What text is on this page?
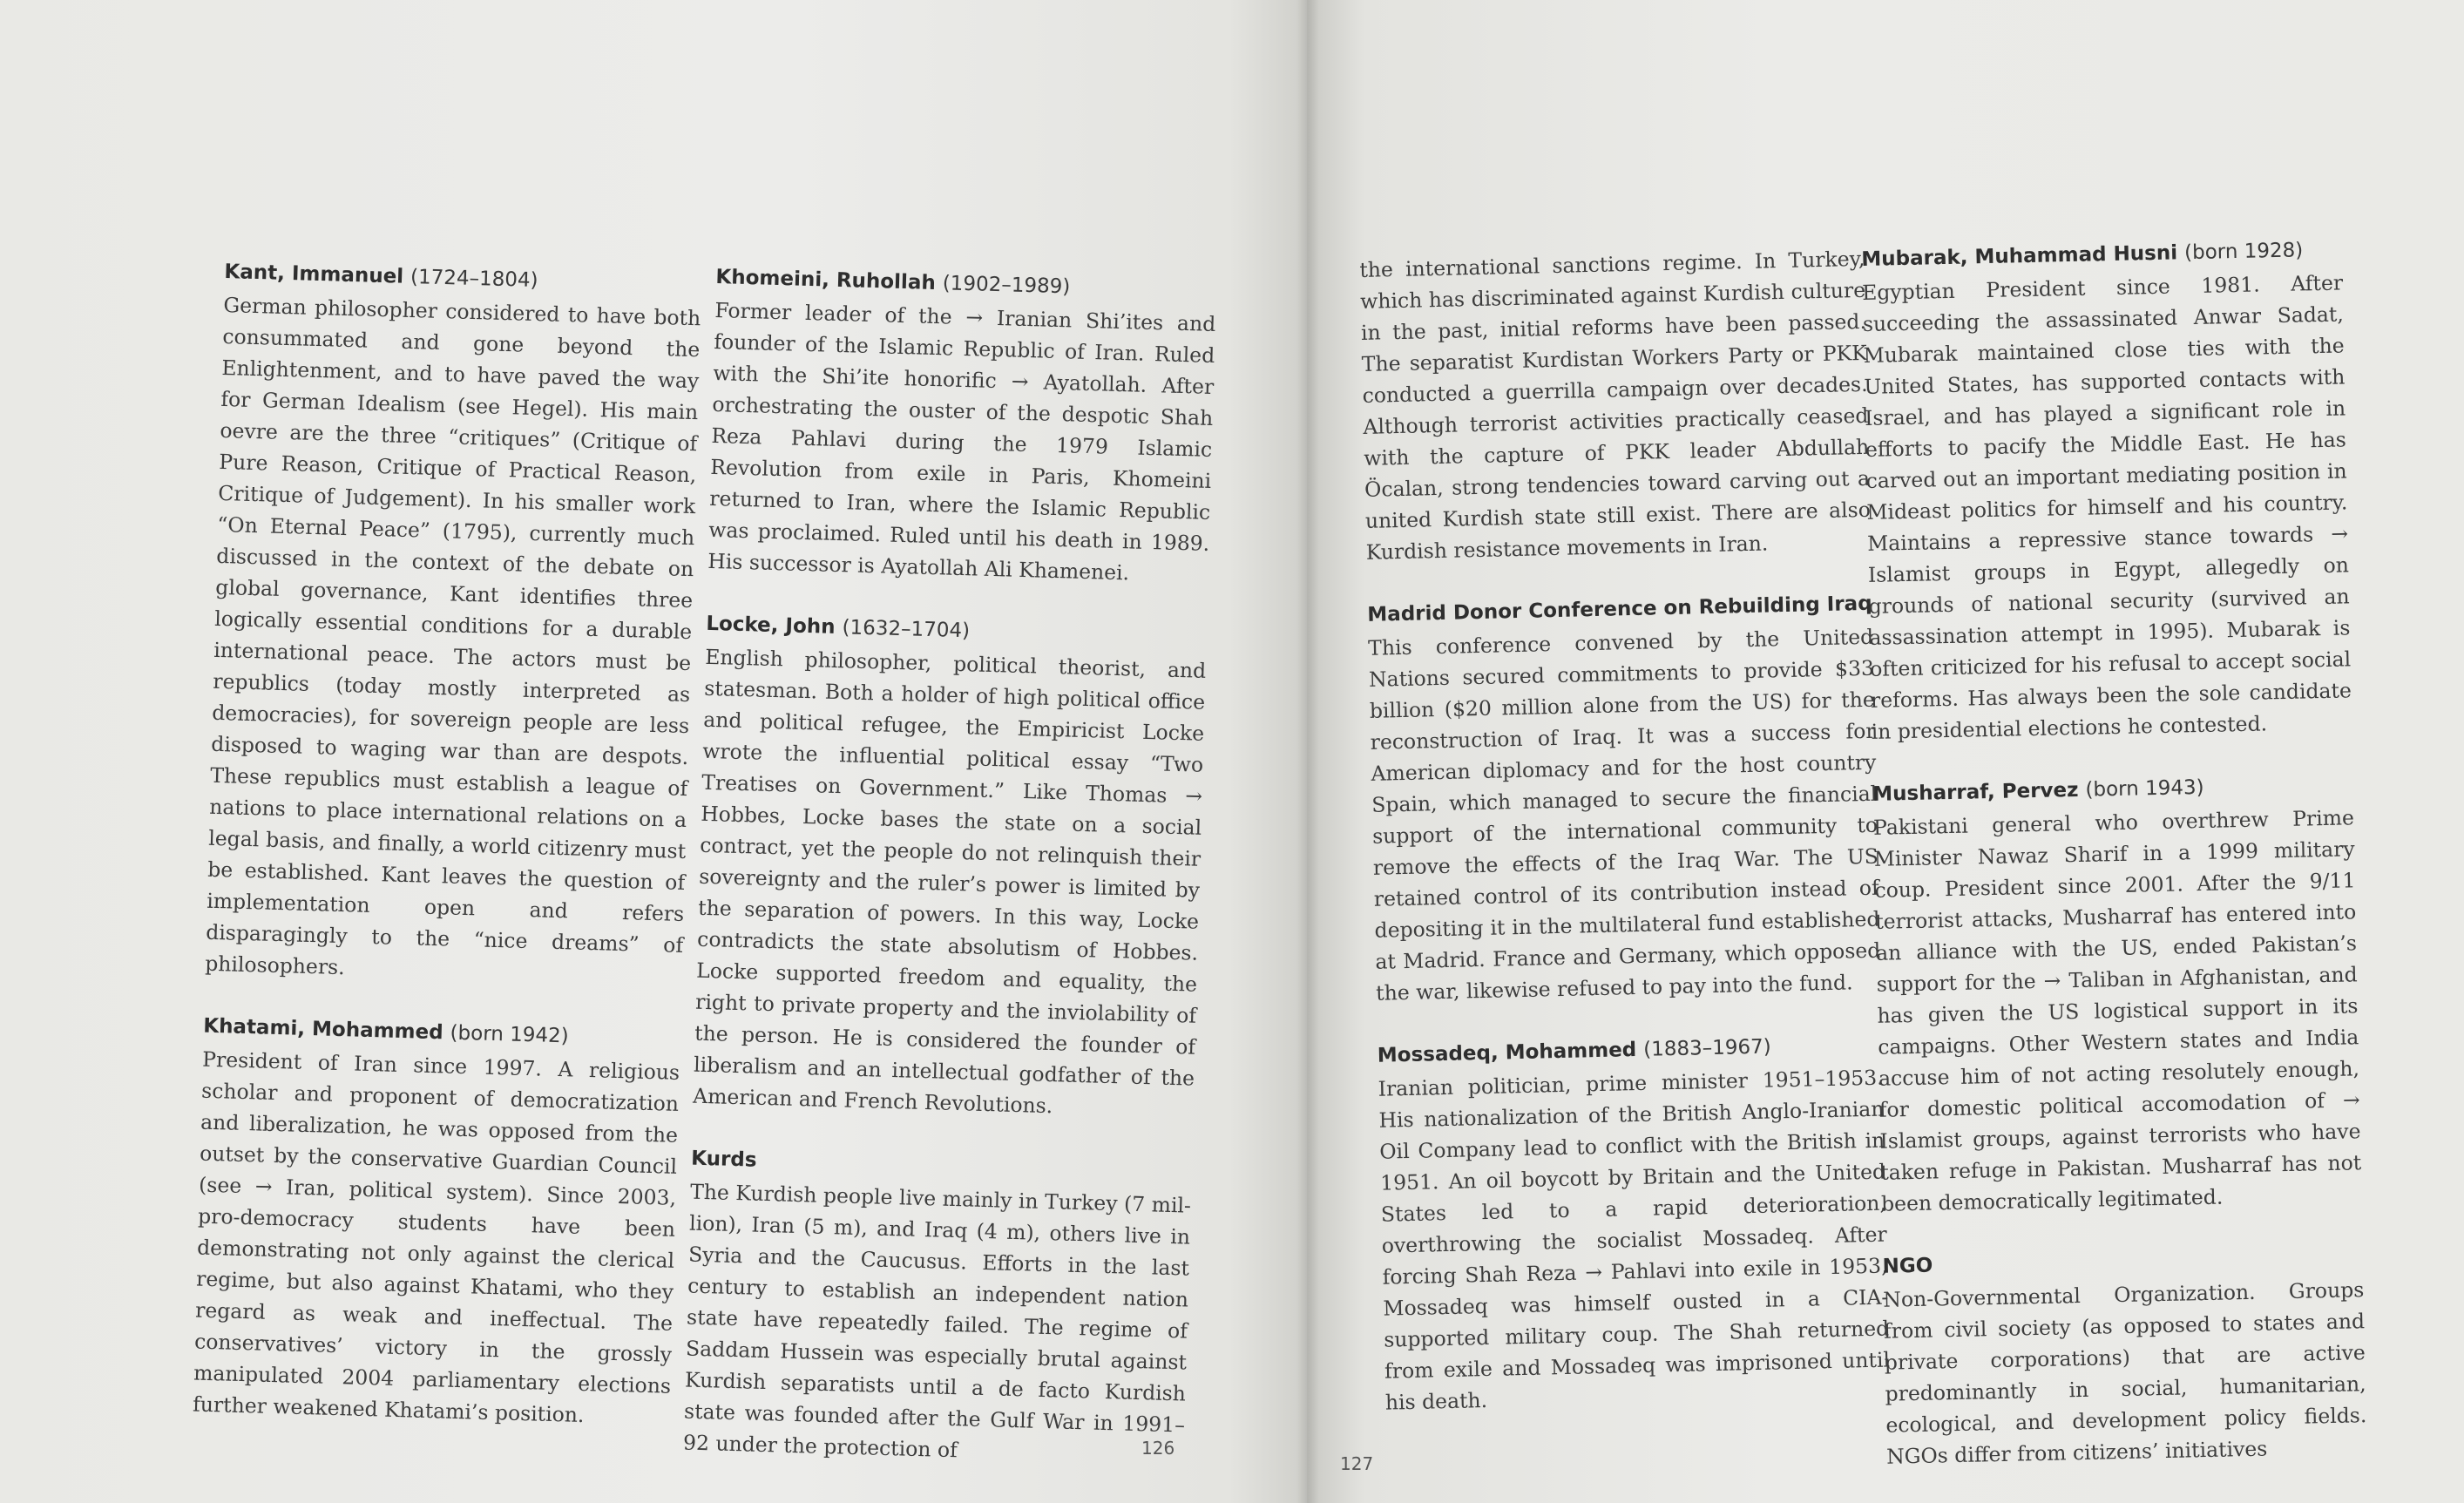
Kant, Immanuel (1724–1804)

German philosopher considered to have both consummated and gone beyond the Enlightenment, and to have paved the way for German Idealism (see Hegel). His main oevre are the three “critiques” (Critique of Pure Reason, Critique of Practical Reason, Critique of Judgement). In his smaller work “On Eternal Peace” (1795), currently much discussed in the context of the debate on global governance, Kant identifies three logically essential conditions for a durable international peace. The actors must be republics (today mostly interpreted as democracies), for sovereign people are less disposed to waging war than are despots. These republics must establish a league of nations to place international relations on a legal basis, and finally, a world citizenry must be established. Kant leaves the question of implementation open and refers disparagingly to the “nice dreams” of philosophers.

Khatami, Mohammed (born 1942)

President of Iran since 1997. A religious scholar and proponent of democratization and liberalization, he was opposed from the outset by the conservative Guardian Council (see → Iran, political system). Since 2003, pro-democracy students have been demonstrating not only against the clerical regime, but also against Khatami, who they regard as weak and ineffectual. The conservatives’ victory in the grossly manipulated 2004 parliamentary elections further weakened Khatami’s position.

Khomeini, Ruhollah (1902–1989)

Former leader of the → Iranian Shi’ites and founder of the Islamic Republic of Iran. Ruled with the Shi’ite honorific → Ayatollah. After orchestrating the ouster of the despotic Shah Reza Pahlavi during the 1979 Islamic Revolution from exile in Paris, Khomeini returned to Iran, where the Islamic Republic was proclaimed. Ruled until his death in 1989. His successor is Ayatollah Ali Khamenei.

Locke, John (1632–1704)

English philosopher, political theorist, and statesman. Both a holder of high political office and political refugee, the Empiricist Locke wrote the influential political essay “Two Treatises on Government.” Like Thomas → Hobbes, Locke bases the state on a social contract, yet the people do not relinquish their sovereignty and the ruler’s power is limited by the separation of powers. In this way, Locke contradicts the state absolutism of Hobbes. Locke supported freedom and equality, the right to private property and the inviolability of the person. He is considered the founder of liberalism and an intellectual godfather of the American and French Revolutions.

Kurds

The Kurdish people live mainly in Turkey (7 million), Iran (5 m), and Iraq (4 m), others live in Syria and the Caucusus. Efforts in the last century to establish an independent nation state have repeatedly failed. The regime of Saddam Hussein was especially brutal against Kurdish separatists until a de facto Kurdish state was founded after the Gulf War in 1991–92 under the protection of	126

the international sanctions regime. In Turkey, which has discriminated against Kurdish culture in the past, initial reforms have been passed. The separatist Kurdistan Workers Party or PKK conducted a guerrilla campaign over decades. Although terrorist activities practically ceased with the capture of PKK leader Abdullah Öcalan, strong tendencies toward carving out a united Kurdish state still exist. There are also Kurdish resistance movements in Iran.

Madrid Donor Conference on Rebuilding Iraq

This conference convened by the United Nations secured commitments to provide $33 billion ($20 million alone from the US) for the reconstruction of Iraq. It was a success for American diplomacy and for the host country Spain, which managed to secure the financial support of the international community to remove the effects of the Iraq War. The US retained control of its contribution instead of depositing it in the multilateral fund established at Madrid. France and Germany, which opposed the war, likewise refused to pay into the fund.

Mossadeq, Mohammed (1883–1967)

Iranian politician, prime minister 1951–1953. His nationalization of the British Anglo-Iranian Oil Company lead to conflict with the British in 1951. An oil boycott by Britain and the United States led to a rapid deterioration, overthrowing the socialist Mossadeq. After forcing Shah Reza → Pahlavi into exile in 1953, Mossadeq was himself ousted in a CIA-supported military coup. The Shah returned from exile and Mossadeq was imprisoned until his death.

Mubarak, Muhammad Husni (born 1928)

Egyptian President since 1981. After succeeding the assassinated Anwar Sadat, Mubarak maintained close ties with the United States, has supported contacts with Israel, and has played a significant role in efforts to pacify the Middle East. He has carved out an important mediating position in Mideast politics for himself and his country. Maintains a repressive stance towards → Islamist groups in Egypt, allegedly on grounds of national security (survived an assassination attempt in 1995). Mubarak is often criticized for his refusal to accept social reforms. Has always been the sole candidate in presidential elections he contested.

Musharraf, Pervez (born 1943)

Pakistani general who overthrew Prime Minister Nawaz Sharif in a 1999 military coup. President since 2001. After the 9/11 terrorist attacks, Musharraf has entered into an alliance with the US, ended Pakistan’s support for the → Taliban in Afghanistan, and has given the US logistical support in its campaigns. Other Western states and India accuse him of not acting resolutely enough, for domestic political accomodation of → Islamist groups, against terrorists who have taken refuge in Pakistan. Musharraf has not been democratically legitimated.

NGO

Non-Governmental Organization. Groups from civil society (as opposed to states and private corporations) that are active predominantly in social, humanitarian, ecological, and development policy fields. NGOs differ from citizens’ initiatives

127
